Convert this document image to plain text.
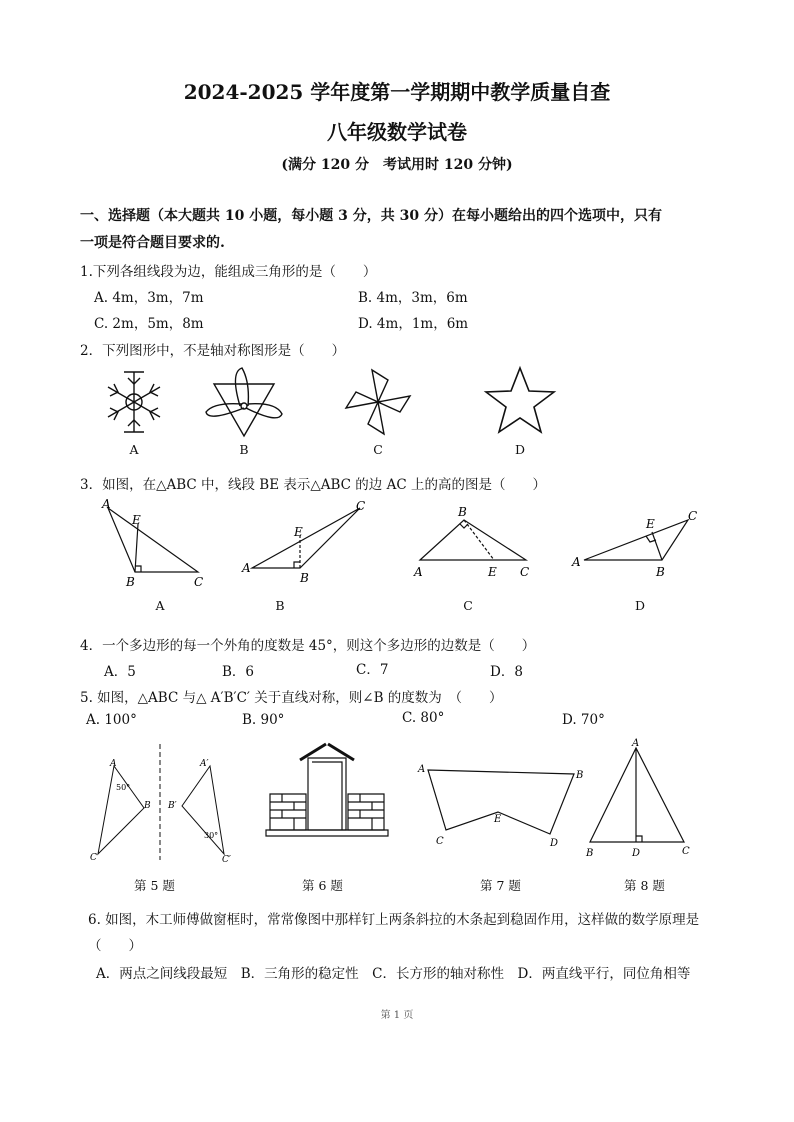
2024-2025 学年度第一学期期中教学质量自查
八年级数学试卷
(满分 120 分　考试用时 120 分钟)
一、选择题（本大题共 10 小题，每小题 3 分，共 30 分）在每小题给出的四个选项中，只有
一项是符合题目要求的.
1.下列各组线段为边，能组成三角形的是（　　）
A. 4m，3m，7m	B. 4m，3m，6m
C. 2m，5m，8m	D. 4m，1m，6m
2．下列图形中，不是轴对称图形是（　　）
A	B	C	D
3．如图，在△ABC 中，线段 BE 表示△ABC 的边 AC 上的高的图是（　　）
A
E
B	C
A
E
B
C
A
B
E C
A
E
B
C
A	B	C	D
4．一个多边形的每一个外角的度数是 45°，则这个多边形的边数是（　　）
A．5	B．6	C．7	D．8
5. 如图，△ABC 与△ A′B′C′ 关于直线对称，则∠B 的度数为　（　　）
A. 100°	B. 90°	C. 80°	D. 70°
A
B
C
A′
B′
C′
50°
30°
A
B
C	D
E
A
B	D	C
第 5 题	第 6 题	第 7 题	第 8 题
6. 如图，木工师傅做窗框时，常常像图中那样钉上两条斜拉的木条起到稳固作用，这样做的数学原理是
（　　）
A．两点之间线段最短　B．三角形的稳定性　C．长方形的轴对称性　D．两直线平行，同位角相等
第 1 页
